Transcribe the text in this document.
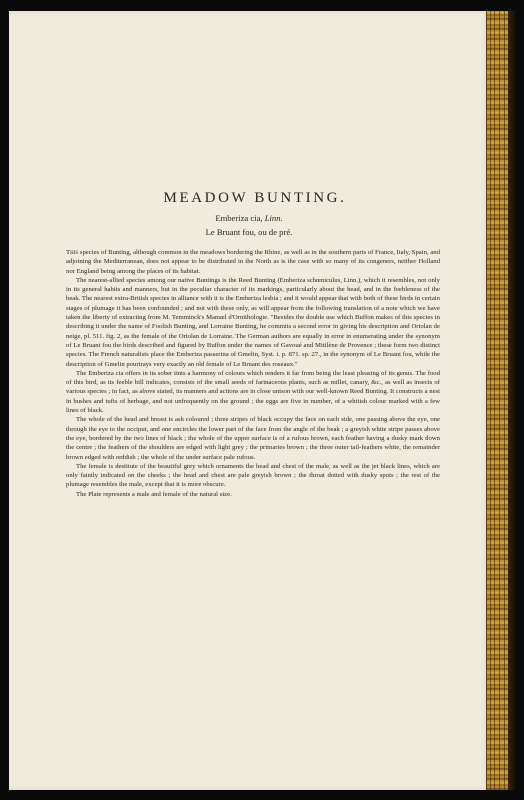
MEADOW BUNTING.

Emberiza cia, Linn.

Le Bruant fou, ou de pré.

This species of Bunting, although common in the meadows bordering the Rhine, as well as in the southern parts of France, Italy, Spain, and adjoining the Mediterranean, does not appear to be distributed in the North as is the case with so many of its congeners, neither Holland nor England being among the places of its habitat.

The nearest-allied species among our native Buntings is the Reed Bunting (Emberiza schœniculus, Linn.), which it resembles, not only in its general habits and manners, but in the peculiar character of its markings, particularly about the head, and in the feebleness of the beak. The nearest extra-British species in alliance with it is the Emberiza lesbia ; and it would appear that with both of these birds in certain stages of plumage it has been confounded ; and not with these only, as will appear from the following translation of a note which we have taken the liberty of extracting from M. Temminck's Manuel d'Ornithologie. "Besides the double use which Buffon makes of this species in describing it under the name of Foolish Bunting, and Lorraine Bunting, he commits a second error in giving his description and Ortolan de neige, pl. 511. fig. 2, as the female of the Ortolan de Lorraine. The German authors are equally in error in enumerating under the synonym of Le Bruant fou the birds described and figured by Buffon under the names of Gavoué and Mitilène de Provence ; these form two distinct species. The French naturalists place the Emberiza passerina of Gmelin, Syst. i. p. 871. sp. 27., in the synonym of Le Bruant fou, while the description of Gmelin pourtrays very exactly an old female of Le Bruant des roseaux."

The Emberiza cia offers in its sober tints a harmony of colours which renders it far from being the least pleasing of its genus. The food of this bird, as its feeble bill indicates, consists of the small seeds of farinaceous plants, such as millet, canary, &c., as well as insects of various species ; in fact, as above stated, its manners and actions are in close unison with our well-known Reed Bunting. It constructs a nest in bushes and tufts of herbage, and not unfrequently on the ground ; the eggs are five in number, of a whitish colour marked with a few lines of black.

The whole of the head and breast is ash coloured ; three stripes of black occupy the face on each side, one passing above the eye, one through the eye to the occiput, and one encircles the lower part of the face from the angle of the beak ; a greyish white stripe passes above the eye, bordered by the two lines of black ; the whole of the upper surface is of a rufous brown, each feather having a dusky mark down the centre ; the feathers of the shoulders are edged with light grey ; the primaries brown ; the three outer tail-feathers white, the remainder brown edged with reddish ; the whole of the under surface pale rufous.

The female is destitute of the beautiful grey which ornaments the head and chest of the male, as well as the jet black lines, which are only faintly indicated on the cheeks ; the head and chest are pale greyish brown ; the throat dotted with dusky spots ; the rest of the plumage resembles the male, except that it is more obscure.

The Plate represents a male and female of the natural size.
